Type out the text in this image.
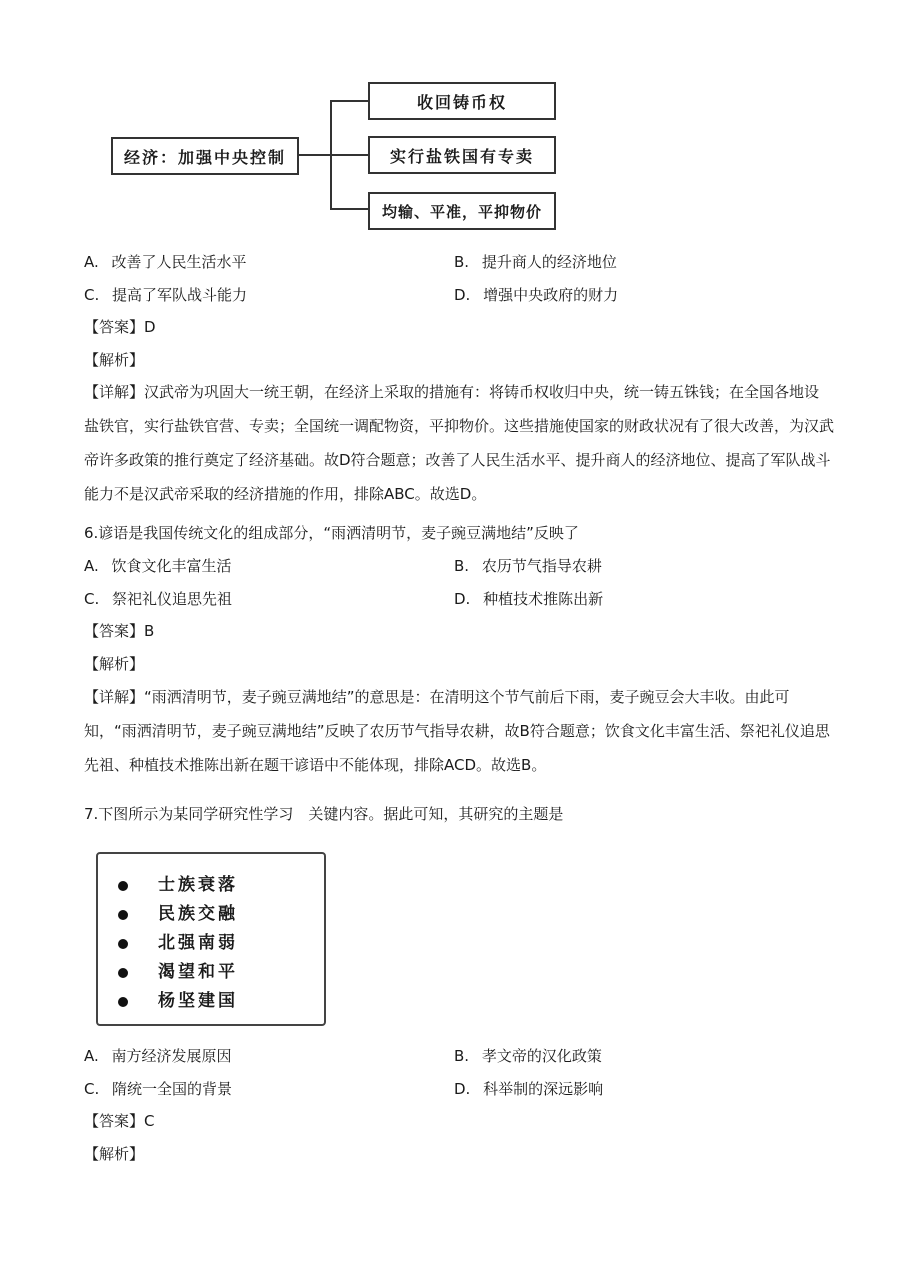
经济：加强中央控制
收回铸币权
实行盐铁国有专卖
均输、平准，平抑物价
A. 改善了人民生活水平	B. 提升商人的经济地位
C. 提高了军队战斗能力	D. 增强中央政府的财力
【答案】D
【解析】
【详解】汉武帝为巩固大一统王朝，在经济上采取的措施有：将铸币权收归中央，统一铸五铢钱；在全国各地设盐铁官，实行盐铁官营、专卖；全国统一调配物资，平抑物价。这些措施使国家的财政状况有了很大改善，为汉武帝许多政策的推行奠定了经济基础。故D符合题意；改善了人民生活水平、提升商人的经济地位、提高了军队战斗能力不是汉武帝采取的经济措施的作用，排除ABC。故选D。
6.谚语是我国传统文化的组成部分，“雨洒清明节，麦子豌豆满地结”反映了
A. 饮食文化丰富生活	B. 农历节气指导农耕
C. 祭祀礼仪追思先祖	D. 种植技术推陈出新
【答案】B
【解析】
【详解】“雨洒清明节，麦子豌豆满地结”的意思是：在清明这个节气前后下雨，麦子豌豆会大丰收。由此可知，“雨洒清明节，麦子豌豆满地结”反映了农历节气指导农耕，故B符合题意；饮食文化丰富生活、祭祀礼仪追思先祖、种植技术推陈出新在题干谚语中不能体现，排除ACD。故选B。
7.下图所示为某同学研究性学习　关键内容。据此可知，其研究的主题是
士族衰落
民族交融
北强南弱
渴望和平
杨坚建国
A. 南方经济发展原因	B. 孝文帝的汉化政策
C. 隋统一全国的背景	D. 科举制的深远影响
【答案】C
【解析】
